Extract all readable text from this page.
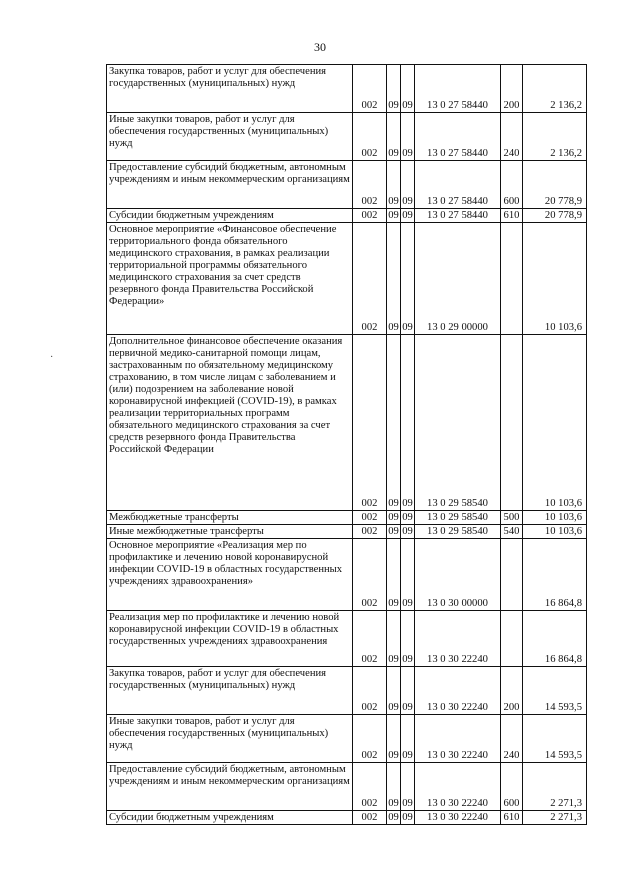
30
·
Закупка товаров, работ и услуг для обеспечения государственных (муниципальных) нужд	002	09	09	13 0 27 58440	200	2 136,2

Иные закупки товаров, работ и услуг для обеспечения государственных (муниципальных) нужд	002	09	09	13 0 27 58440	240	2 136,2

Предоставление субсидий бюджетным, автономным учреждениям и иным некоммерческим организациям	002	09	09	13 0 27 58440	600	20 778,9

Субсидии бюджетным учреждениям	002	09	09	13 0 27 58440	610	20 778,9

Основное мероприятие «Финансовое обеспечение территориального фонда обязательного медицинского страхования, в рамках реализации территориальной программы обязательного медицинского страхования за счет средств резервного фонда Правительства Российской Федерации»	002	09	09	13 0 29 00000		10 103,6

Дополнительное финансовое обеспечение оказания первичной медико-санитарной помощи лицам, застрахованным по обязательному медицинскому страхованию, в том числе лицам с заболеванием и (или) подозрением на заболевание новой коронавирусной инфекцией (COVID-19), в рамках реализации территориальных программ обязательного медицинского страхования за счет средств резервного фонда Правительства Российской Федерации	002	09	09	13 0 29 58540		10 103,6

Межбюджетные трансферты	002	09	09	13 0 29 58540	500	10 103,6

Иные межбюджетные трансферты	002	09	09	13 0 29 58540	540	10 103,6

Основное мероприятие «Реализация мер по профилактике и лечению новой коронавирусной инфекции COVID-19 в областных государственных учреждениях здравоохранения»	002	09	09	13 0 30 00000		16 864,8

Реализация мер по профилактике и лечению новой коронавирусной инфекции COVID-19 в областных государственных учреждениях здравоохранения	002	09	09	13 0 30 22240		16 864,8

Закупка товаров, работ и услуг для обеспечения государственных (муниципальных) нужд	002	09	09	13 0 30 22240	200	14 593,5

Иные закупки товаров, работ и услуг для обеспечения государственных (муниципальных) нужд	002	09	09	13 0 30 22240	240	14 593,5

Предоставление субсидий бюджетным, автономным учреждениям и иным некоммерческим организациям	002	09	09	13 0 30 22240	600	2 271,3

Субсидии бюджетным учреждениям	002	09	09	13 0 30 22240	610	2 271,3
